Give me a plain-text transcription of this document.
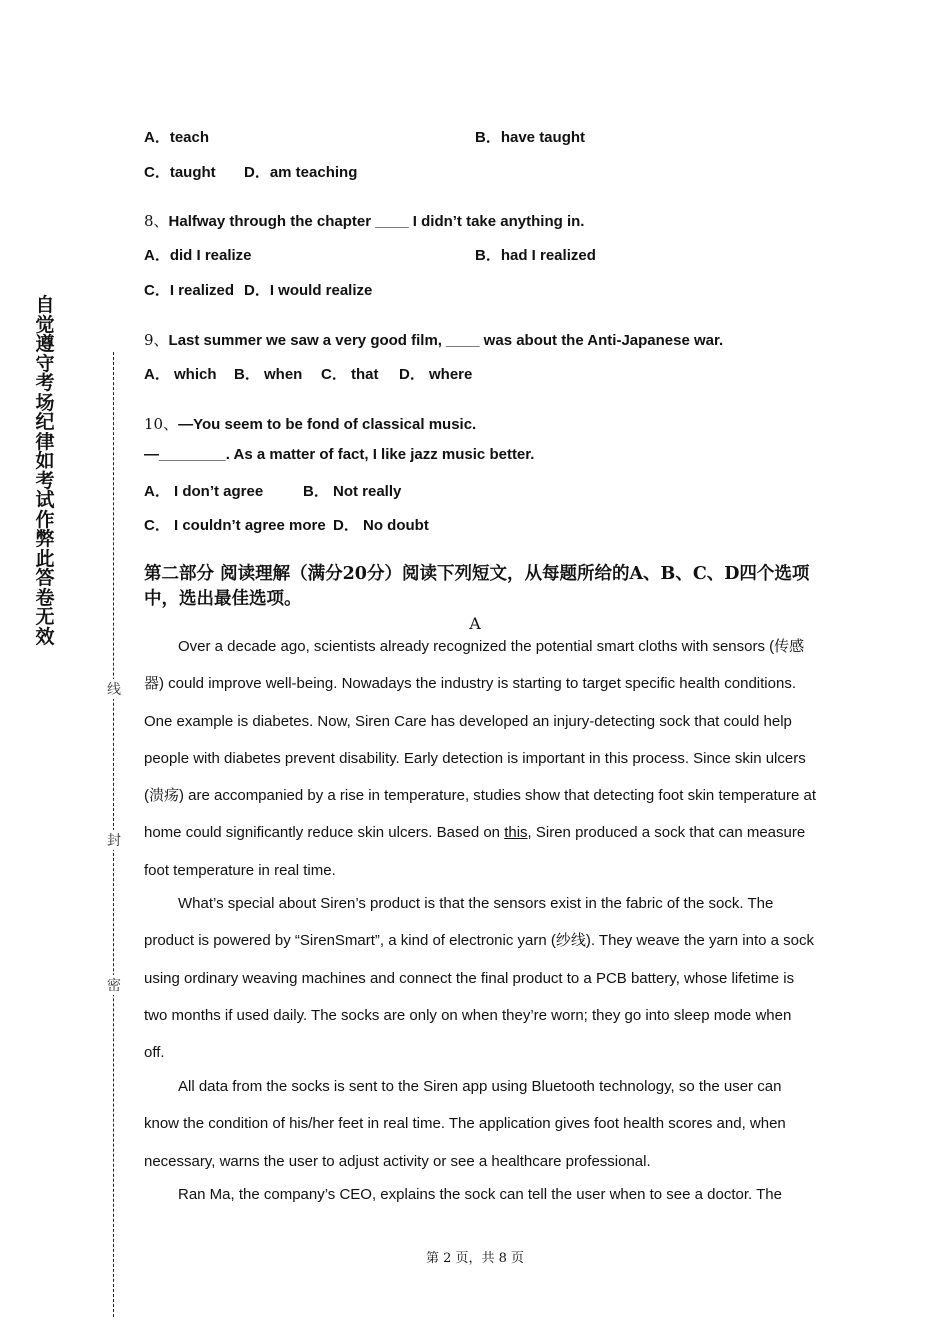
自觉遵守考场纪律如考试作弊此答卷无效
线
封
密
A．teach	B．have taught
C．taught D．am teaching
8、Halfway through the chapter ____ I didn’t take anything in.
A．did I realize	B．had I realized
C．I realized D．I would realize
9、Last summer we saw a very good film, ____ was about the Anti-Japanese war.
A． which B． when C． that D． where
10、—You seem to be fond of classical music.
—________. As a matter of fact, I like jazz music better.
A． I don’t agree	B． Not really
C． I couldn’t agree more D． No doubt
第二部分 阅读理解（满分20分）阅读下列短文，从每题所给的A、B、C、D四个选项中，选出最佳选项。
A

Over a decade ago, scientists already recognized the potential smart cloths with sensors (传感器) could improve well-being. Nowadays the industry is starting to target specific health conditions. One example is diabetes. Now, Siren Care has developed an injury-detecting sock that could help people with diabetes prevent disability. Early detection is important in this process. Since skin ulcers (溃疡) are accompanied by a rise in temperature, studies show that detecting foot skin temperature at home could significantly reduce skin ulcers. Based on this, Siren produced a sock that can measure foot temperature in real time.

What’s special about Siren’s product is that the sensors exist in the fabric of the sock. The product is powered by “SirenSmart”, a kind of electronic yarn (纱线). They weave the yarn into a sock using ordinary weaving machines and connect the final product to a PCB battery, whose lifetime is two months if used daily. The socks are only on when they’re worn; they go into sleep mode when off.

All data from the socks is sent to the Siren app using Bluetooth technology, so the user can know the condition of his/her feet in real time. The application gives foot health scores and, when necessary, warns the user to adjust activity or see a healthcare professional.

Ran Ma, the company’s CEO, explains the sock can tell the user when to see a doctor. The

第 2 页，共 8 页
